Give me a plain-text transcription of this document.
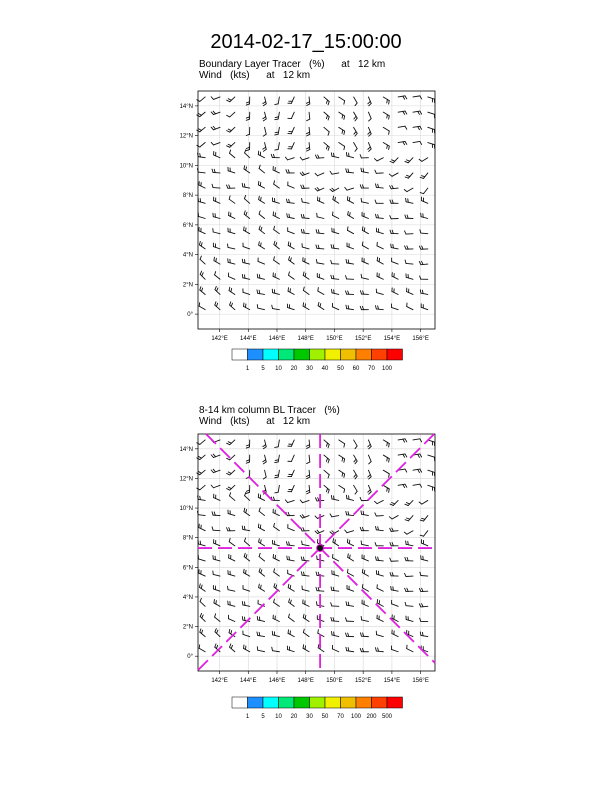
2014-02-17_15:00:00
Boundary Layer Tracer   (%)      at   12 km
Wind   (kts)      at   12 km
142°E 144°E 146°E 148°E 150°E 152°E 154°E 156°E
0°
2°N
4°N
6°N
8°N
10°N
12°N
14°N
1 5 10 20 30 40 50 60 70 100
8-14 km column BL Tracer   (%)
Wind   (kts)      at   12 km
142°E 144°E 146°E 148°E 150°E 152°E 154°E 156°E
0°
2°N
4°N
6°N
8°N
10°N
12°N
14°N
1 5 10 20 30 50 70 100 200 500
